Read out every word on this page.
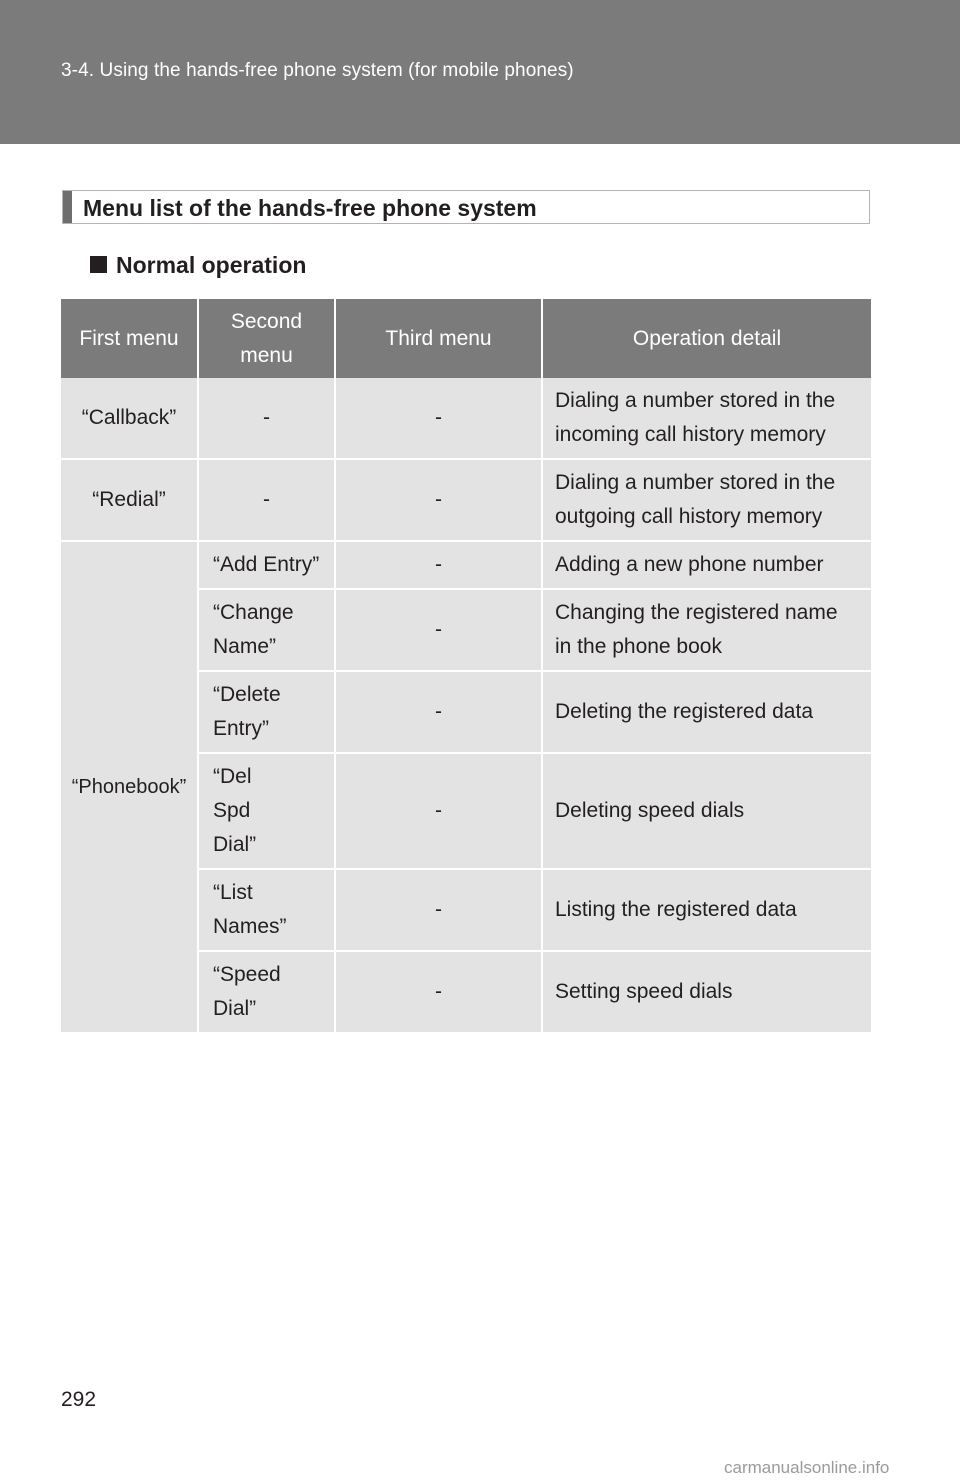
3-4. Using the hands-free phone system (for mobile phones)
Menu list of the hands-free phone system
Normal operation
First menu	Second menu	Third menu	Operation detail
“Callback”	-	-	Dialing a number stored in the incoming call history memory
“Redial”	-	-	Dialing a number stored in the outgoing call history memory
“Phonebook”	“Add Entry”	-	Adding a new phone number
	“Change Name”	-	Changing the registered name in the phone book
	“Delete Entry”	-	Deleting the registered data
	“Del Spd Dial”	-	Deleting speed dials
	“List Names”	-	Listing the registered data
	“Speed Dial”	-	Setting speed dials
292
carmanualsonline.info
